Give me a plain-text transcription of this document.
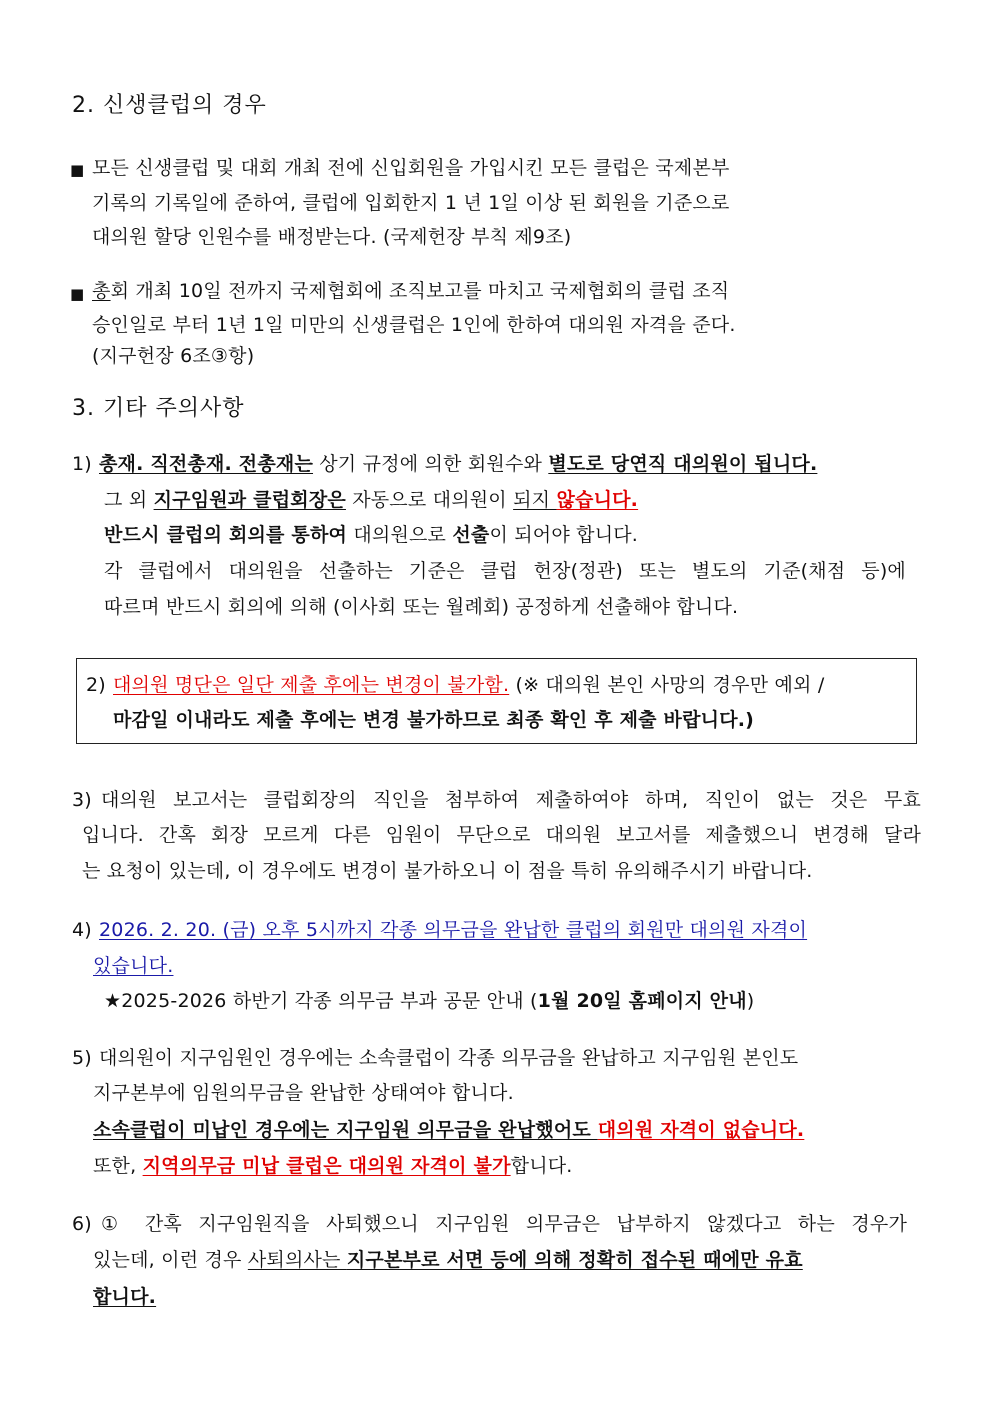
2. 신생클럽의 경우
■ 모든 신생클럽 및 대회 개최 전에 신입회원을 가입시킨 모든 클럽은 국제본부
기록의 기록일에 준하여, 클럽에 입회한지 1 년 1일 이상 된 회원을 기준으로
대의원 할당 인원수를 배정받는다. (국제헌장 부칙 제9조)
■ 총회 개최 10일 전까지 국제협회에 조직보고를 마치고 국제협회의 클럽 조직
승인일로 부터 1년 1일 미만의 신생클럽은 1인에 한하여 대의원 자격을 준다.
(지구헌장 6조③항)
3. 기타 주의사항
1) 총재. 직전총재. 전총재는 상기 규정에 의한 회원수와 별도로 당연직 대의원이 됩니다.
그 외 지구임원과 클럽회장은 자동으로 대의원이 되지 않습니다.
반드시 클럽의 회의를 통하여 대의원으로 선출이 되어야 합니다.
각 클럽에서 대의원을 선출하는 기준은 클럽 헌장(정관) 또는 별도의 기준(채점 등)에
따르며 반드시 회의에 의해 (이사회 또는 월례회) 공정하게 선출해야 합니다.
2) 대의원 명단은 일단 제출 후에는 변경이 불가함. (※ 대의원 본인 사망의 경우만 예외 /
마감일 이내라도 제출 후에는 변경 불가하므로 최종 확인 후 제출 바랍니다.)
3) 대의원 보고서는 클럽회장의 직인을 첨부하여 제출하여야 하며, 직인이 없는 것은 무효
입니다. 간혹 회장 모르게 다른 임원이 무단으로 대의원 보고서를 제출했으니 변경해 달라
는 요청이 있는데, 이 경우에도 변경이 불가하오니 이 점을 특히 유의해주시기 바랍니다.
4) 2026. 2. 20. (금) 오후 5시까지 각종 의무금을 완납한 클럽의 회원만 대의원 자격이
있습니다.
★2025-2026 하반기 각종 의무금 부과 공문 안내 (1월 20일 홈페이지 안내)
5) 대의원이 지구임원인 경우에는 소속클럽이 각종 의무금을 완납하고 지구임원 본인도
지구본부에 임원의무금을 완납한 상태여야 합니다.
소속클럽이 미납인 경우에는 지구임원 의무금을 완납했어도 대의원 자격이 없습니다.
또한, 지역의무금 미납 클럽은 대의원 자격이 불가합니다.
6) ① 간혹 지구임원직을 사퇴했으니 지구임원 의무금은 납부하지 않겠다고 하는 경우가
있는데, 이런 경우 사퇴의사는 지구본부로 서면 등에 의해 정확히 접수된 때에만 유효
합니다.
